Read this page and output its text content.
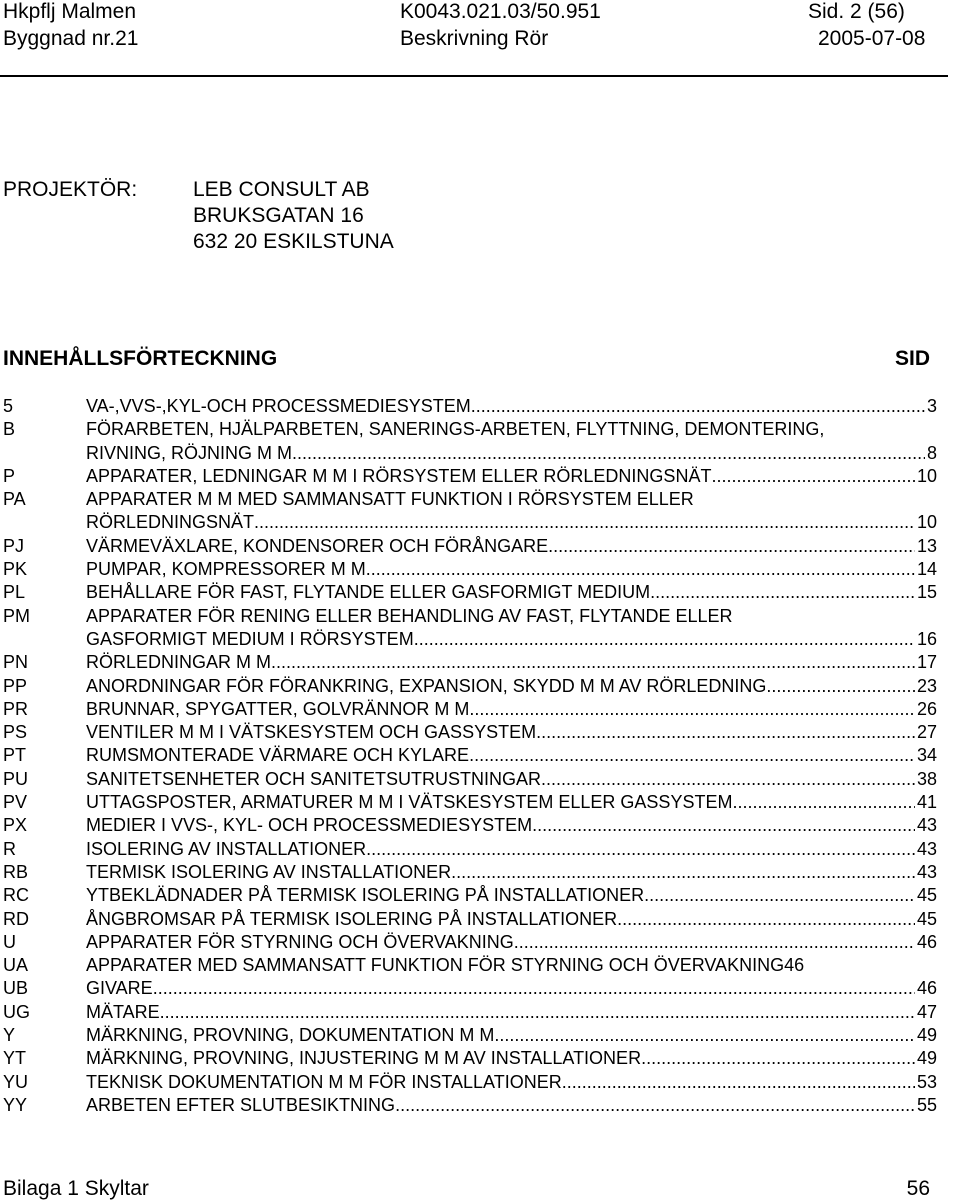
Hkpflj Malmen	K0043.021.03/50.951	Sid. 2 (56)
Byggnad nr.21	Beskrivning Rör	2005-07-08
PROJEKTÖR:	LEB CONSULT AB
BRUKSGATAN 16
632 20 ESKILSTUNA
INNEHÅLLSFÖRTECKNING	SID
5	VA-,VVS-,KYL-OCH PROCESSMEDIESYSTEM .....	3
B	FÖRARBETEN, HJÄLPARBETEN, SANERINGS-ARBETEN, FLYTTNING, DEMONTERING,
RIVNING, RÖJNING M M .....	8
P	APPARATER, LEDNINGAR M M I RÖRSYSTEM ELLER RÖRLEDNINGSNÄT .....	10
PA	APPARATER M M MED SAMMANSATT FUNKTION I RÖRSYSTEM ELLER
RÖRLEDNINGSNÄT .....	10
PJ	VÄRMEVÄXLARE, KONDENSORER OCH FÖRÅNGARE .....	13
PK	PUMPAR, KOMPRESSORER M M .....	14
PL	BEHÅLLARE FÖR FAST, FLYTANDE ELLER GASFORMIGT MEDIUM .....	15
PM	APPARATER FÖR RENING ELLER BEHANDLING AV FAST, FLYTANDE ELLER
GASFORMIGT MEDIUM I RÖRSYSTEM .....	16
PN	RÖRLEDNINGAR M M .....	17
PP	ANORDNINGAR FÖR FÖRANKRING, EXPANSION, SKYDD M M AV RÖRLEDNING. .....	23
PR	BRUNNAR, SPYGATTER, GOLVRÄNNOR M M .....	26
PS	VENTILER M M I VÄTSKESYSTEM OCH GASSYSTEM .....	27
PT	RUMSMONTERADE VÄRMARE OCH KYLARE .....	34
PU	SANITETSENHETER OCH SANITETSUTRUSTNINGAR .....	38
PV	UTTAGSPOSTER, ARMATURER M M I VÄTSKESYSTEM ELLER GASSYSTEM .....	41
PX	MEDIER I VVS-, KYL- OCH PROCESSMEDIESYSTEM .....	43
R	ISOLERING AV INSTALLATIONER .....	43
RB	TERMISK ISOLERING AV INSTALLATIONER .....	43
RC	YTBEKLÄDNADER PÅ TERMISK ISOLERING PÅ INSTALLATIONER .....	45
RD	ÅNGBROMSAR PÅ TERMISK ISOLERING PÅ INSTALLATIONER .....	45
U	APPARATER FÖR STYRNING OCH ÖVERVAKNING .....	46
UA	APPARATER MED SAMMANSATT FUNKTION FÖR STYRNING OCH ÖVERVAKNING46
UB	GIVARE .....	46
UG	MÄTARE .....	47
Y	MÄRKNING, PROVNING, DOKUMENTATION M M .....	49
YT	MÄRKNING, PROVNING, INJUSTERING M M AV INSTALLATIONER .....	49
YU	TEKNISK DOKUMENTATION M M FÖR INSTALLATIONER .....	53
YY	ARBETEN EFTER SLUTBESIKTNING .....	55
Bilaga 1 Skyltar	56
